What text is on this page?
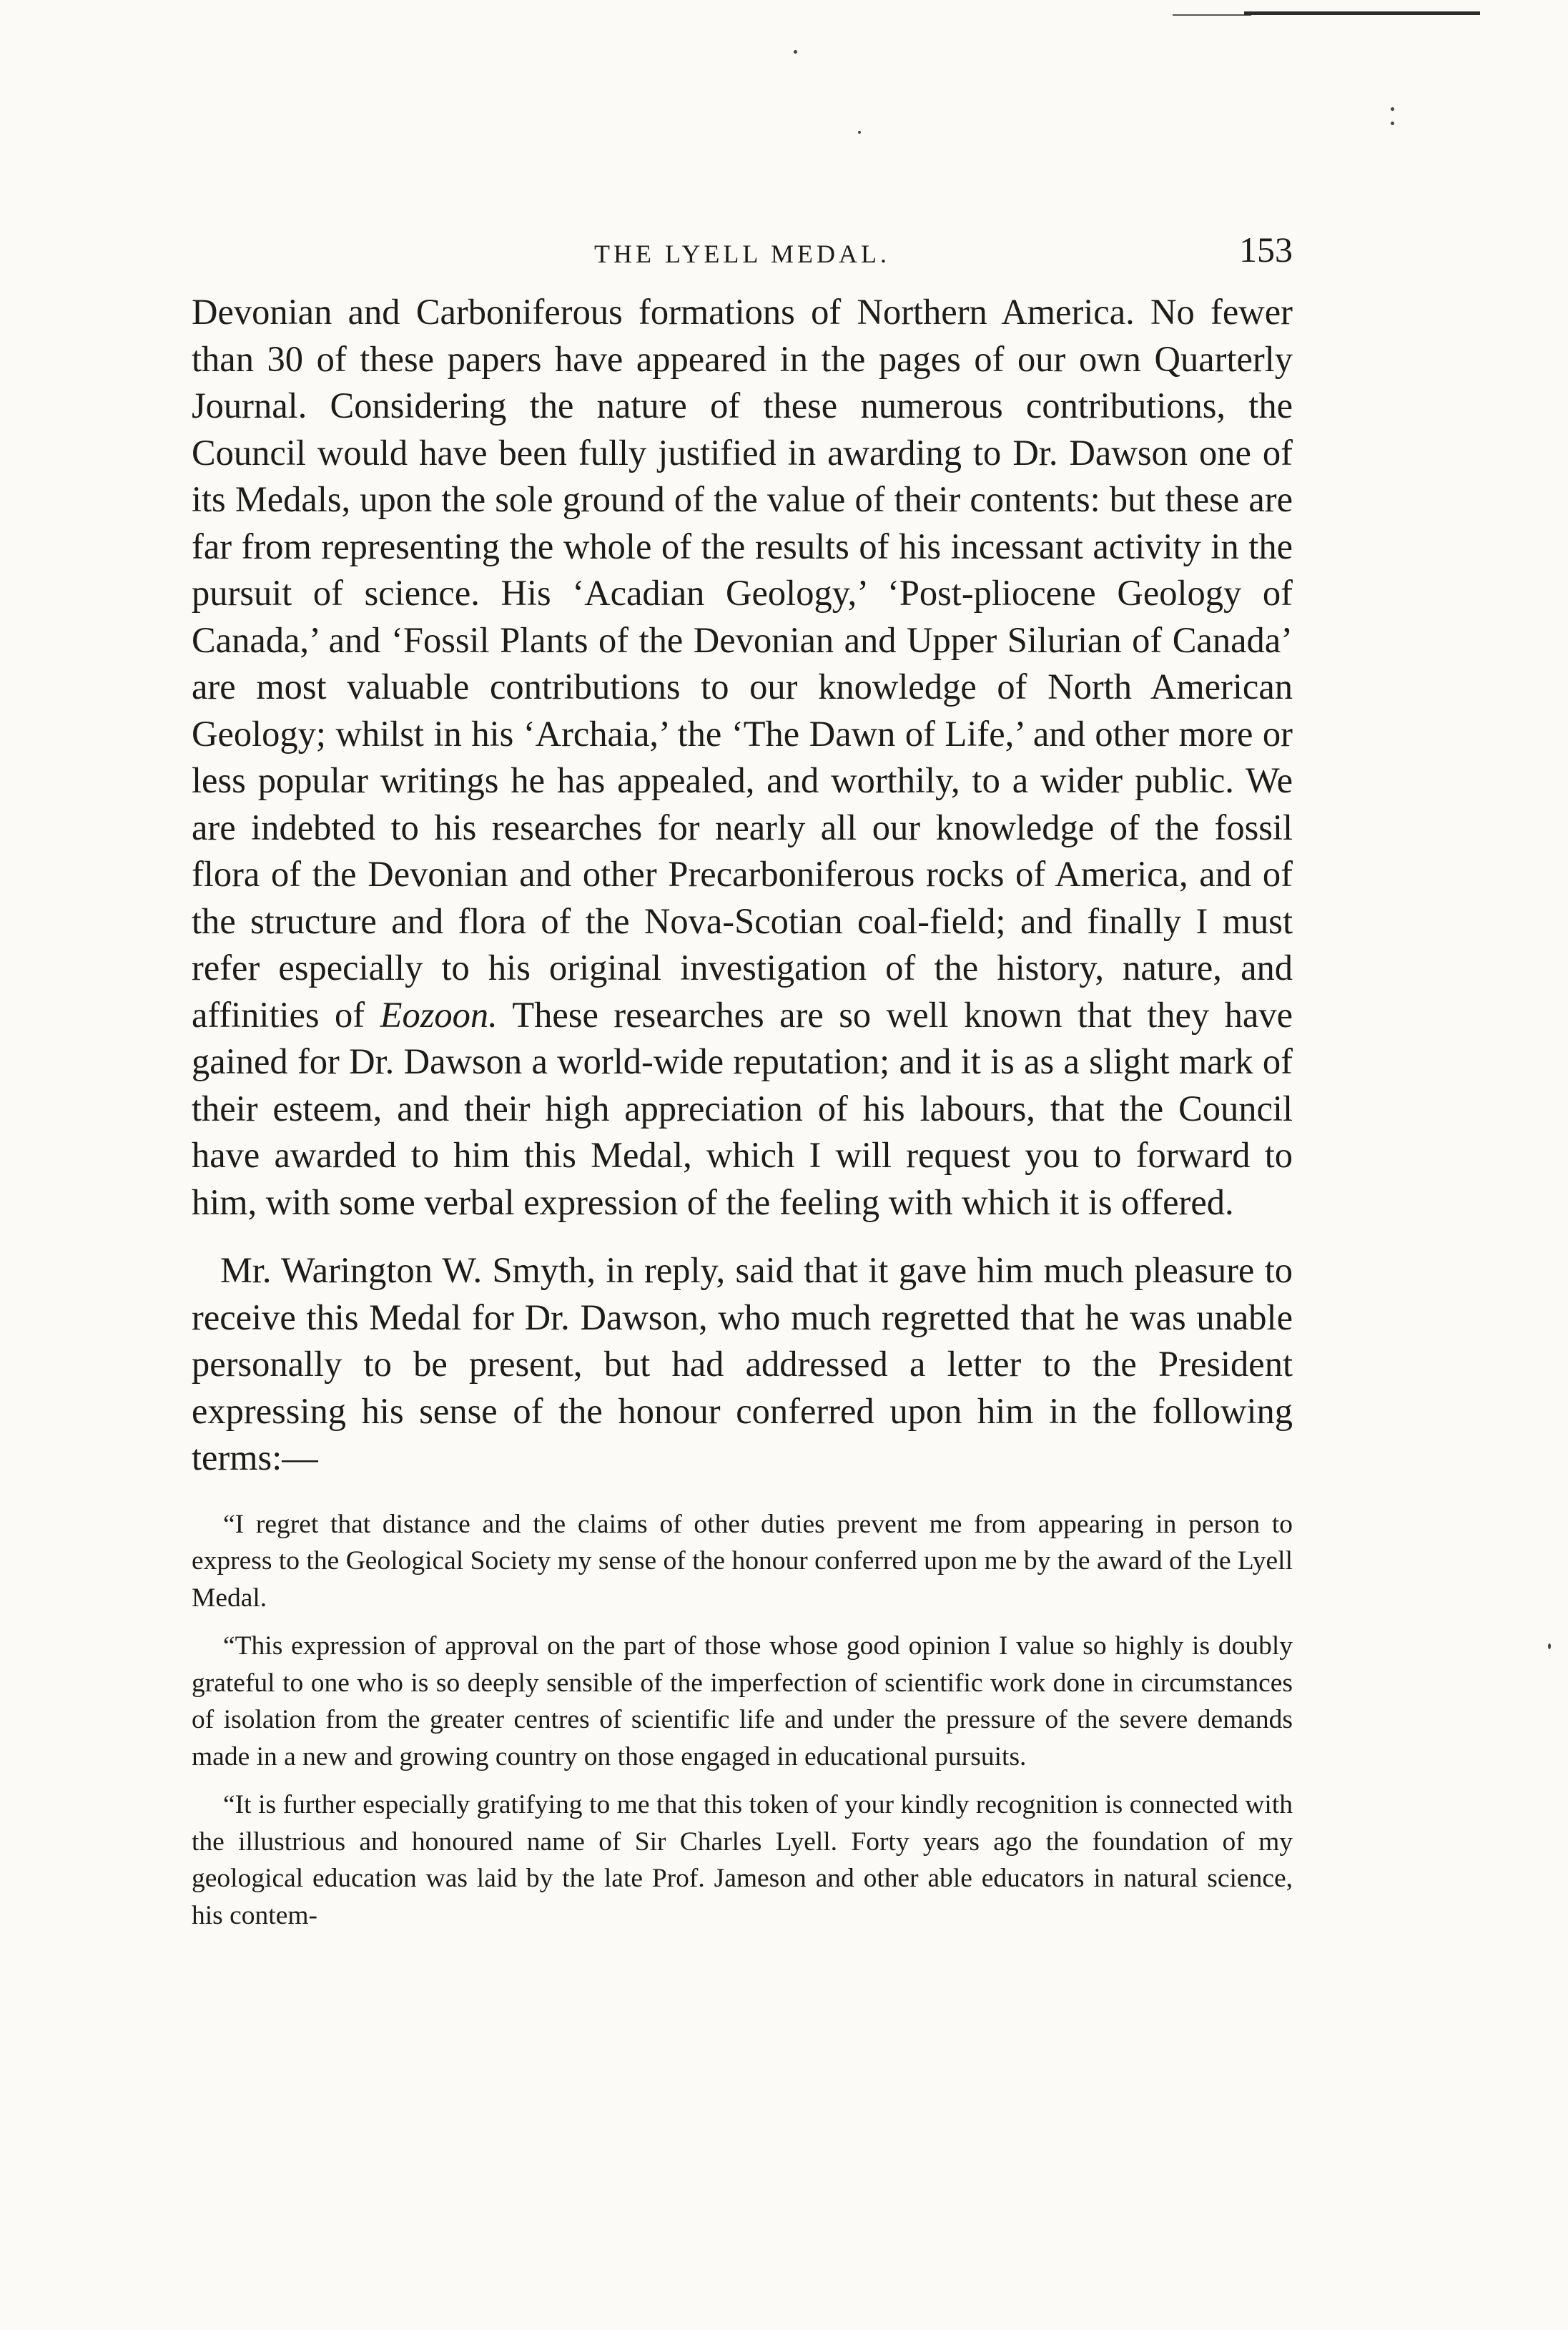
THE LYELL MEDAL.	153

Devonian and Carboniferous formations of Northern America. No fewer than 30 of these papers have appeared in the pages of our own Quarterly Journal. Considering the nature of these numerous contributions, the Council would have been fully justified in awarding to Dr. Dawson one of its Medals, upon the sole ground of the value of their contents: but these are far from representing the whole of the results of his incessant activity in the pursuit of science. His ‘Acadian Geology,’ ‘Post-pliocene Geology of Canada,’ and ‘Fossil Plants of the Devonian and Upper Silurian of Canada’ are most valuable contributions to our knowledge of North American Geology; whilst in his ‘Archaia,’ the ‘The Dawn of Life,’ and other more or less popular writings he has appealed, and worthily, to a wider public. We are indebted to his researches for nearly all our knowledge of the fossil flora of the Devonian and other Precarboniferous rocks of America, and of the structure and flora of the Nova-Scotian coal-field; and finally I must refer especially to his original investigation of the history, nature, and affinities of Eozoon. These researches are so well known that they have gained for Dr. Dawson a world-wide reputation; and it is as a slight mark of their esteem, and their high appreciation of his labours, that the Council have awarded to him this Medal, which I will request you to forward to him, with some verbal expression of the feeling with which it is offered.

Mr. Warington W. Smyth, in reply, said that it gave him much pleasure to receive this Medal for Dr. Dawson, who much regretted that he was unable personally to be present, but had addressed a letter to the President expressing his sense of the honour conferred upon him in the following terms:—

“I regret that distance and the claims of other duties prevent me from appearing in person to express to the Geological Society my sense of the honour conferred upon me by the award of the Lyell Medal.

“This expression of approval on the part of those whose good opinion I value so highly is doubly grateful to one who is so deeply sensible of the imperfection of scientific work done in circumstances of isolation from the greater centres of scientific life and under the pressure of the severe demands made in a new and growing country on those engaged in educational pursuits.

“It is further especially gratifying to me that this token of your kindly recognition is connected with the illustrious and honoured name of Sir Charles Lyell. Forty years ago the foundation of my geological education was laid by the late Prof. Jameson and other able educators in natural science, his contem-
